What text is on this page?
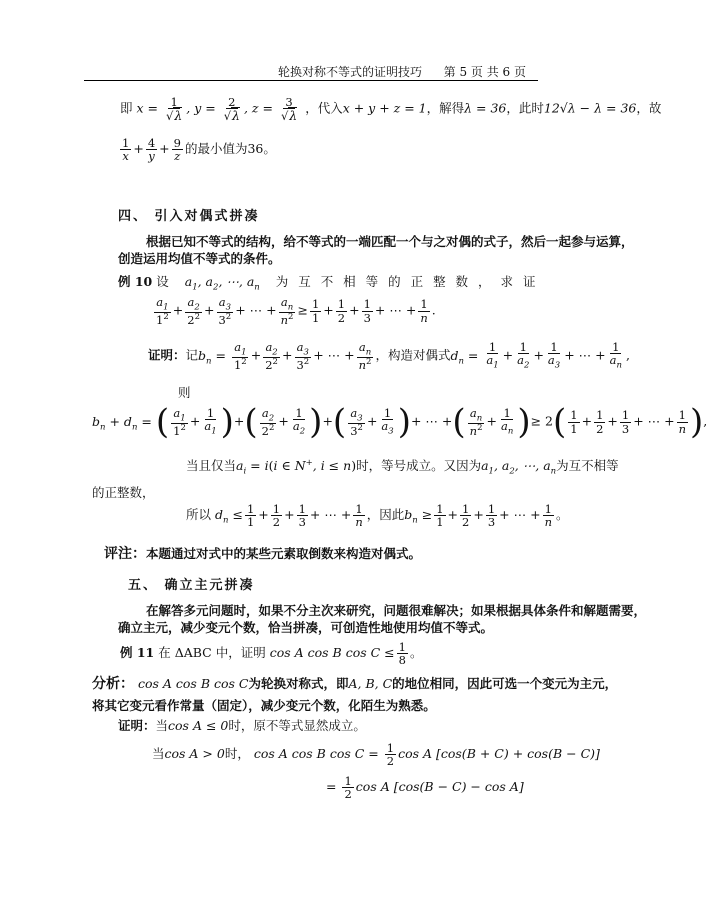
轮换对称不等式的证明技巧 第 5 页 共 6 页
即 $x = \frac{1}{√\lambda}$ , $y = \frac{2}{√\lambda}$ , $z = \frac{3}{√\lambda}$ ，代入x + y + z = 1，解得λ = 36，此时12√λ − λ = 36，故
$\frac{1}{x} + \frac{4}{y} + \frac{9}{z}$ 的最小值为36。
四、 引入对偶式拼凑
根据已知不等式的结构，给不等式的一端匹配一个与之对偶的式子，然后一起参与运算，
创造运用均值不等式的条件。
例 10 设 $a_1$, $a_2$, ⋯, $a_n$ 为 互 不 相 等 的 正 整 数 ， 求 证
$\frac{a_1}{1^2} + \frac{a_2}{2^2} + \frac{a_3}{3^2}$ + ⋯ + $\frac{a_n}{n^2} \ge \frac{1}{1} + \frac{1}{2} + \frac{1}{3}$ + ⋯ + $\frac{1}{n}$ .
证明：记$b_n = \frac{a_1}{1^2} + \frac{a_2}{2^2} + \frac{a_3}{3^2}$ + ⋯ + $\frac{a_n}{n^2}$ ，构造对偶式$d_n = \frac{1}{a_1} + \frac{1}{a_2} + \frac{1}{a_3}$ + ⋯ + $\frac{1}{a_n}$ ,
则
$b_n + d_n$ = ( $\frac{a_1}{1^2} + \frac{1}{a_1}$ )+( $\frac{a_2}{2^2} + \frac{1}{a_2}$ )+( $\frac{a_3}{3^2} + \frac{1}{a_3}$ )+ ⋯ +( $\frac{a_n}{n^2} + \frac{1}{a_n}$ )≥ $2( \frac{1}{1} + \frac{1}{2} + \frac{1}{3}$ + ⋯ + $\frac{1}{n}$ ),
当且仅当$a_i = i(i$ ∈ N+, i ≤ n)时，等号成立。又因为$a_1$, $a_2$, ⋯, $a_n$为互不相等
的正整数，
所以 $d_n \le \frac{1}{1} + \frac{1}{2} + \frac{1}{3}$ + ⋯ + $\frac{1}{n}$ ，因此$b_n \ge \frac{1}{1} + \frac{1}{2} + \frac{1}{3}$ + ⋯ + $\frac{1}{n}$ 。
评注：本题通过对式中的某些元素取倒数来构造对偶式。
五、 确立主元拼凑
在解答多元问题时，如果不分主次来研究，问题很难解决；如果根据具体条件和解题需要，
确立主元，减少变元个数，恰当拼凑，可创造性地使用均值不等式。
例 11 在 ΔABC 中，证明 cos A cos B $\cos C \le \frac{1}{8}$ 。
分析： cos A cos B cos C为轮换对称式，即A, B, C的地位相同，因此可选一个变元为主元，
将其它变元看作常量（固定），减少变元个数，化陌生为熟悉。
证明：当cos A ≤ 0时，原不等式显然成立。
当cos A > 0时， cos A cos B $\cos C = \frac{1}{2}$ cos A [cos(B + C) + cos(B − C)]
= $\frac{1}{2}$ cos A [cos(B − C) − cos A]
